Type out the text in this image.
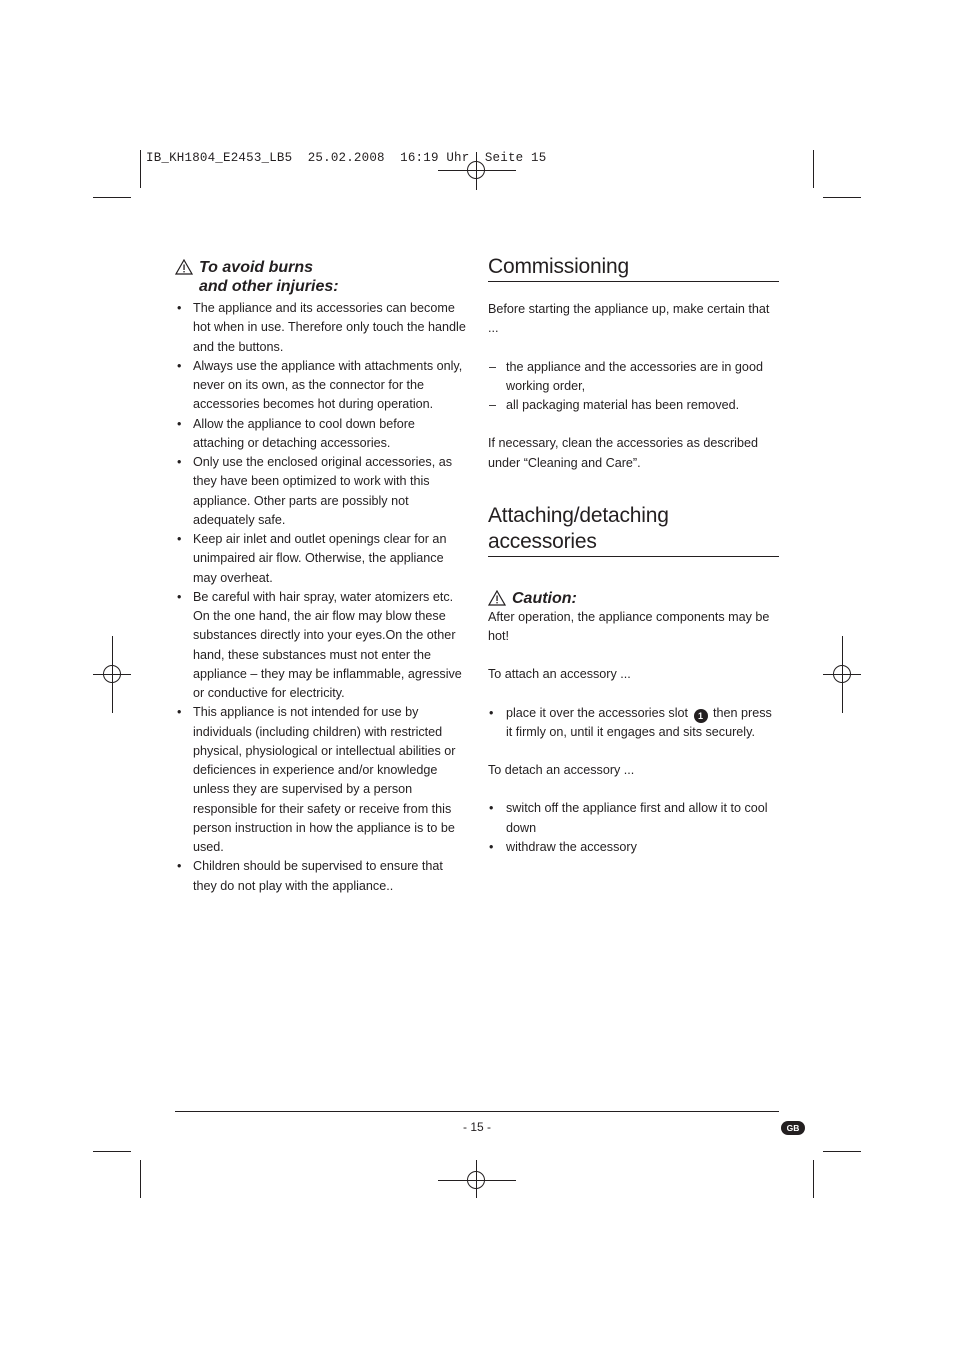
IB_KH1804_E2453_LB5  25.02.2008  16:19 Uhr  Seite 15
To avoid burns
and other injuries:
• The appliance and its accessories can become hot when in use. Therefore only touch the handle and the buttons.
• Always use the appliance with attachments only, never on its own, as the connector for the accessories becomes hot during operation.
• Allow the appliance to cool down before attaching or detaching accessories.
• Only use the enclosed original accessories, as they have been optimized to work with this appliance. Other parts are possibly not adequately safe.
• Keep air inlet and outlet openings clear for an unimpaired air flow. Otherwise, the appliance may overheat.
• Be careful with hair spray, water atomizers etc. On the one hand, the air flow may blow these substances directly into your eyes.On the other hand, these substances must not enter the appliance – they may be inflammable, agressive or conductive for electricity.
• This appliance is not intended for use by individuals (including children) with restricted physical, physiological or intellectual abilities or deficiences in experience and/or knowledge unless they are supervised by a person responsible for their safety or receive from this person instruction in how the appliance is to be used.
• Children should be supervised to ensure that they do not play with the appliance..
Commissioning

Before starting the appliance up, make certain that ...

– the appliance and the accessories are in good working order,
– all packaging material has been removed.

If necessary, clean the accessories as described under “Cleaning and Care”.

Attaching/detaching accessories
Caution:

After operation, the appliance components may be hot!

To attach an accessory ...

• place it over the accessories slot 1 then press it firmly on, until it engages and sits securely.

To detach an accessory ...

• switch off the appliance first and allow it to cool down
• withdraw the accessory
- 15 -	GB
